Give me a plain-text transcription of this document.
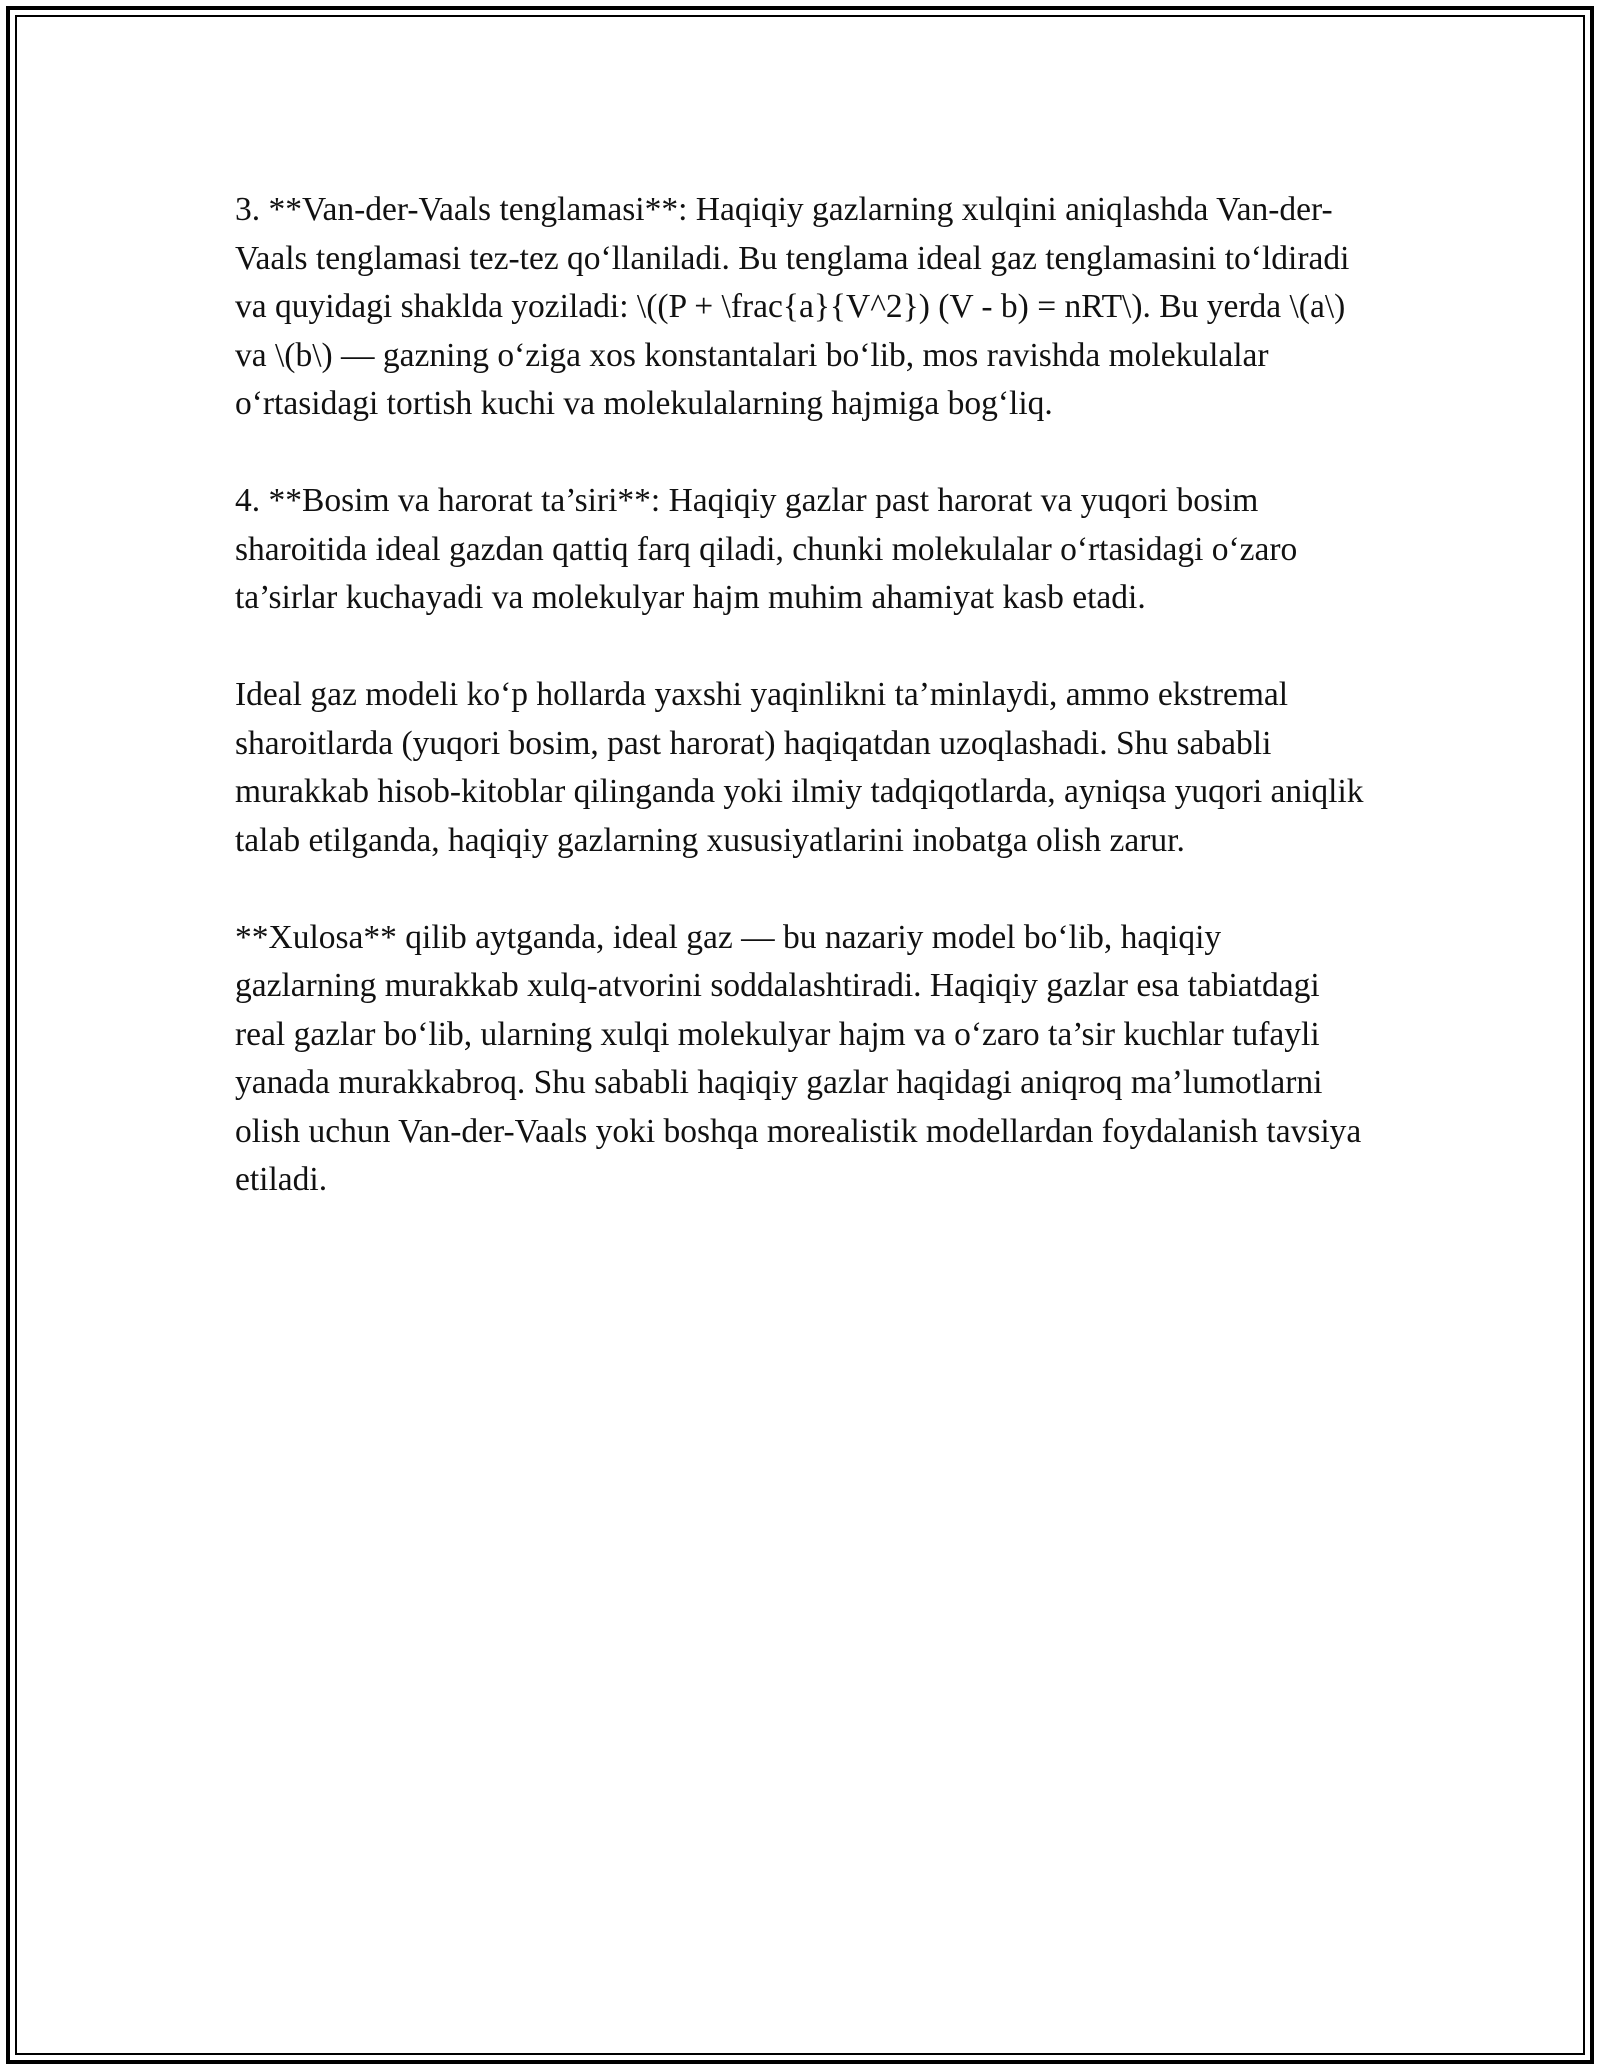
3. **Van-der-Vaals tenglamasi**: Haqiqiy gazlarning xulqini aniqlashda Van-der-Vaals tenglamasi tez-tez qo‘llaniladi. Bu tenglama ideal gaz tenglamasini to‘ldiradi va quyidagi shaklda yoziladi: \((P + \frac{a}{V^2}) (V - b) = nRT\). Bu yerda \(a\) va \(b\) — gazning o‘ziga xos konstantalari bo‘lib, mos ravishda molekulalar o‘rtasidagi tortish kuchi va molekulalarning hajmiga bog‘liq.

4. **Bosim va harorat ta’siri**: Haqiqiy gazlar past harorat va yuqori bosim sharoitida ideal gazdan qattiq farq qiladi, chunki molekulalar o‘rtasidagi o‘zaro ta’sirlar kuchayadi va molekulyar hajm muhim ahamiyat kasb etadi.

Ideal gaz modeli ko‘p hollarda yaxshi yaqinlikni ta’minlaydi, ammo ekstremal sharoitlarda (yuqori bosim, past harorat) haqiqatdan uzoqlashadi. Shu sababli murakkab hisob-kitoblar qilinganda yoki ilmiy tadqiqotlarda, ayniqsa yuqori aniqlik talab etilganda, haqiqiy gazlarning xususiyatlarini inobatga olish zarur.

**Xulosa** qilib aytganda, ideal gaz — bu nazariy model bo‘lib, haqiqiy gazlarning murakkab xulq-atvorini soddalashtiradi. Haqiqiy gazlar esa tabiatdagi real gazlar bo‘lib, ularning xulqi molekulyar hajm va o‘zaro ta’sir kuchlar tufayli yanada murakkabroq. Shu sababli haqiqiy gazlar haqidagi aniqroq ma’lumotlarni olish uchun Van-der-Vaals yoki boshqa morealistik modellardan foydalanish tavsiya etiladi.
